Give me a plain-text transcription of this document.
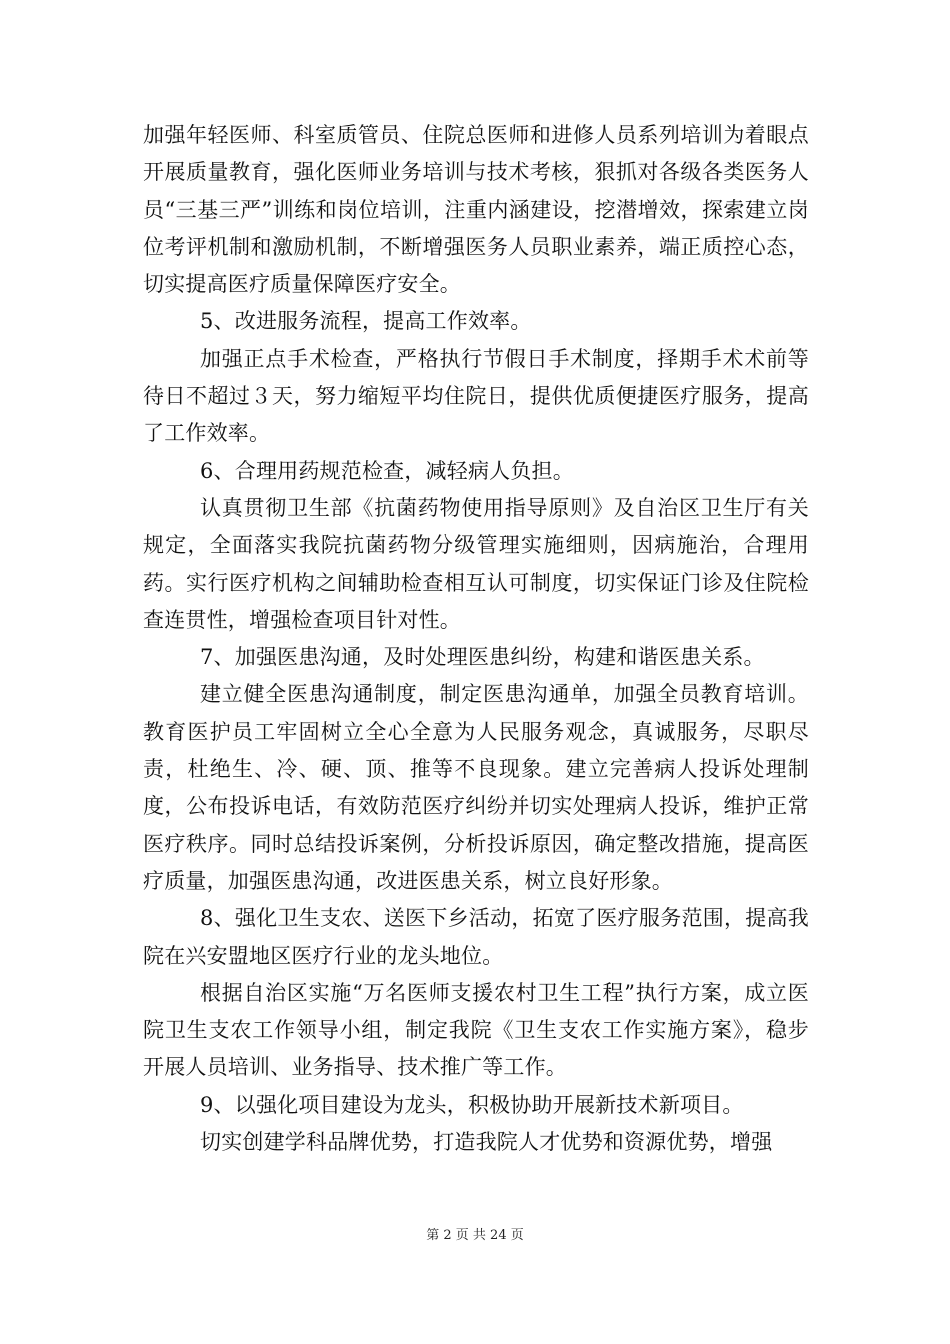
加强年轻医师、科室质管员、住院总医师和进修人员系列培训为着眼点开展质量教育，强化医师业务培训与技术考核，狠抓对各级各类医务人员“三基三严”训练和岗位培训，注重内涵建设，挖潜增效，探索建立岗位考评机制和激励机制，不断增强医务人员职业素养，端正质控心态，切实提高医疗质量保障医疗安全。

5、改进服务流程，提高工作效率。

加强正点手术检查，严格执行节假日手术制度，择期手术术前等待日不超过３天，努力缩短平均住院日，提供优质便捷医疗服务，提高了工作效率。

6、合理用药规范检查，减轻病人负担。

认真贯彻卫生部《抗菌药物使用指导原则》及自治区卫生厅有关规定，全面落实我院抗菌药物分级管理实施细则，因病施治，合理用药。实行医疗机构之间辅助检查相互认可制度，切实保证门诊及住院检查连贯性，增强检查项目针对性。

7、加强医患沟通，及时处理医患纠纷，构建和谐医患关系。

建立健全医患沟通制度，制定医患沟通单，加强全员教育培训。教育医护员工牢固树立全心全意为人民服务观念，真诚服务，尽职尽责，杜绝生、冷、硬、顶、推等不良现象。建立完善病人投诉处理制度，公布投诉电话，有效防范医疗纠纷并切实处理病人投诉，维护正常医疗秩序。同时总结投诉案例，分析投诉原因，确定整改措施，提高医疗质量，加强医患沟通，改进医患关系，树立良好形象。

8、强化卫生支农、送医下乡活动，拓宽了医疗服务范围，提高我院在兴安盟地区医疗行业的龙头地位。

根据自治区实施“万名医师支援农村卫生工程”执行方案，成立医院卫生支农工作领导小组，制定我院《卫生支农工作实施方案》，稳步开展人员培训、业务指导、技术推广等工作。

9、以强化项目建设为龙头，积极协助开展新技术新项目。

切实创建学科品牌优势，打造我院人才优势和资源优势，增强

第 2 页 共 24 页
